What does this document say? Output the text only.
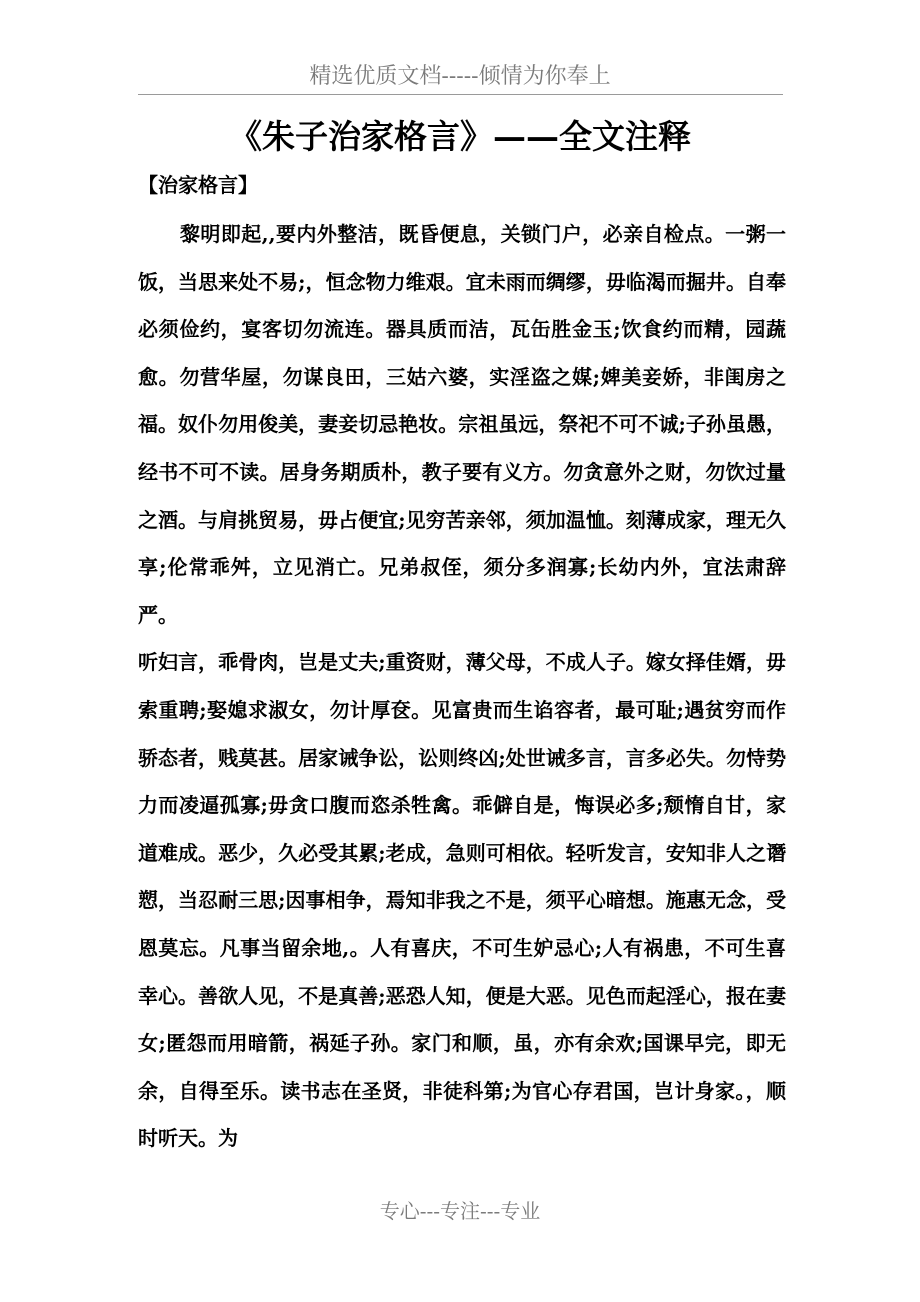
精选优质文档-----倾情为你奉上
《朱子治家格言》——全文注释
【治家格言】

黎明即起,,要内外整洁，既昏便息，关锁门户，必亲自检点。一粥一饭，当思来处不易;，恒念物力维艰。宜未雨而绸缪，毋临渴而掘井。自奉必须俭约，宴客切勿流连。器具质而洁，瓦缶胜金玉;饮食约而精，园蔬愈。勿营华屋，勿谋良田，三姑六婆，实淫盗之媒;婢美妾娇，非闺房之福。奴仆勿用俊美，妻妾切忌艳妆。宗祖虽远，祭祀不可不诚;子孙虽愚，经书不可不读。居身务期质朴，教子要有义方。勿贪意外之财，勿饮过量之酒。与肩挑贸易，毋占便宜;见穷苦亲邻，须加温恤。刻薄成家，理无久享;伦常乖舛，立见消亡。兄弟叔侄，须分多润寡;长幼内外，宜法肃辞严。

听妇言，乖骨肉，岂是丈夫;重资财，薄父母，不成人子。嫁女择佳婿，毋索重聘;娶媳求淑女，勿计厚奁。见富贵而生谄容者，最可耻;遇贫穷而作骄态者，贱莫甚。居家诫争讼，讼则终凶;处世诫多言，言多必失。勿恃势力而凌逼孤寡;毋贪口腹而恣杀牲禽。乖僻自是，悔误必多;颓惰自甘，家道难成。恶少，久必受其累;老成，急则可相依。轻听发言，安知非人之谮愬，当忍耐三思;因事相争，焉知非我之不是，须平心暗想。施惠无念，受恩莫忘。凡事当留余地,。人有喜庆，不可生妒忌心;人有祸患，不可生喜幸心。善欲人见，不是真善;恶恐人知，便是大恶。见色而起淫心，报在妻女;匿怨而用暗箭，祸延子孙。家门和顺，虽，亦有余欢;国课早完，即无余，自得至乐。读书志在圣贤，非徒科第;为官心存君国，岂计身家。，顺时听天。为

专心---专注---专业
